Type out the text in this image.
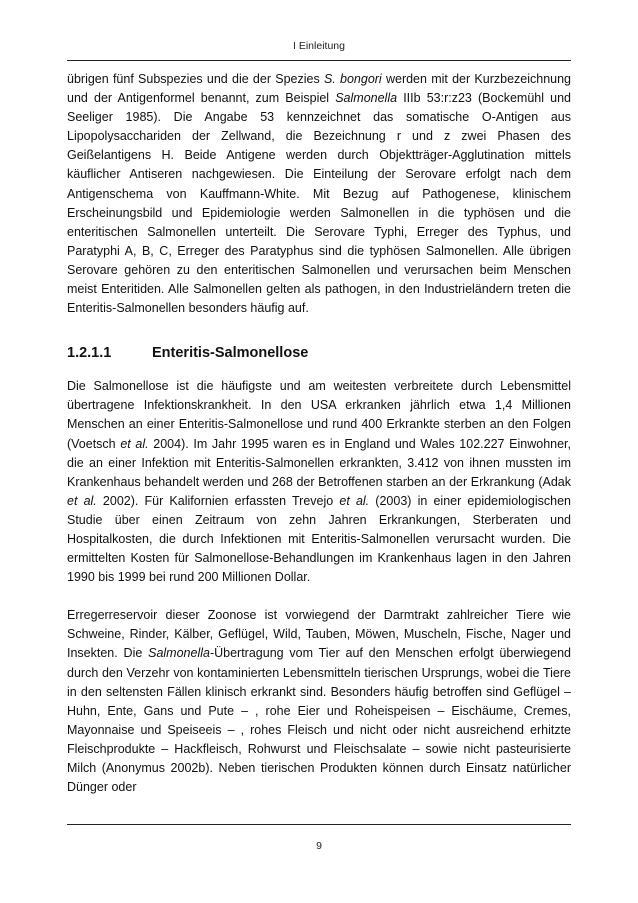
I Einleitung

übrigen fünf Subspezies und die der Spezies S. bongori werden mit der Kurzbezeichnung und der Antigenformel benannt, zum Beispiel Salmonella IIIb 53:r:z23 (Bockemühl und Seeliger 1985). Die Angabe 53 kennzeichnet das somatische O-Antigen aus Lipopolysacchariden der Zellwand, die Bezeichnung r und z zwei Phasen des Geißelantigens H. Beide Antigene werden durch Objektträger-Agglutination mittels käuflicher Antiseren nachgewiesen. Die Einteilung der Serovare erfolgt nach dem Antigenschema von Kauffmann-White. Mit Bezug auf Pathogenese, klinischem Erscheinungsbild und Epidemiologie werden Salmonellen in die typhösen und die enteritischen Salmonellen unterteilt. Die Serovare Typhi, Erreger des Typhus, und Paratyphi A, B, C, Erreger des Paratyphus sind die typhösen Salmonellen. Alle übrigen Serovare gehören zu den enteritischen Salmonellen und verursachen beim Menschen meist Enteritiden. Alle Salmonellen gelten als pathogen, in den Industrieländern treten die Enteritis-Salmonellen besonders häufig auf.

1.2.1.1	Enteritis-Salmonellose

Die Salmonellose ist die häufigste und am weitesten verbreitete durch Lebensmittel übertragene Infektionskrankheit. In den USA erkranken jährlich etwa 1,4 Millionen Menschen an einer Enteritis-Salmonellose und rund 400 Erkrankte sterben an den Folgen (Voetsch et al. 2004). Im Jahr 1995 waren es in England und Wales 102.227 Einwohner, die an einer Infektion mit Enteritis-Salmonellen erkrankten, 3.412 von ihnen mussten im Krankenhaus behandelt werden und 268 der Betroffenen starben an der Erkrankung (Adak et al. 2002). Für Kalifornien erfassten Trevejo et al. (2003) in einer epidemiologischen Studie über einen Zeitraum von zehn Jahren Erkrankungen, Sterberaten und Hospitalkosten, die durch Infektionen mit Enteritis-Salmonellen verursacht wurden. Die ermittelten Kosten für Salmonellose-Behandlungen im Krankenhaus lagen in den Jahren 1990 bis 1999 bei rund 200 Millionen Dollar.

Erregerreservoir dieser Zoonose ist vorwiegend der Darmtrakt zahlreicher Tiere wie Schweine, Rinder, Kälber, Geflügel, Wild, Tauben, Möwen, Muscheln, Fische, Nager und Insekten. Die Salmonella-Übertragung vom Tier auf den Menschen erfolgt überwiegend durch den Verzehr von kontaminierten Lebensmitteln tierischen Ursprungs, wobei die Tiere in den seltensten Fällen klinisch erkrankt sind. Besonders häufig betroffen sind Geflügel – Huhn, Ente, Gans und Pute – , rohe Eier und Roheispeisen – Eischäume, Cremes, Mayonnaise und Speiseeis – , rohes Fleisch und nicht oder nicht ausreichend erhitzte Fleischprodukte – Hackfleisch, Rohwurst und Fleischsalate – sowie nicht pasteurisierte Milch (Anonymus 2002b). Neben tierischen Produkten können durch Einsatz natürlicher Dünger oder

9
